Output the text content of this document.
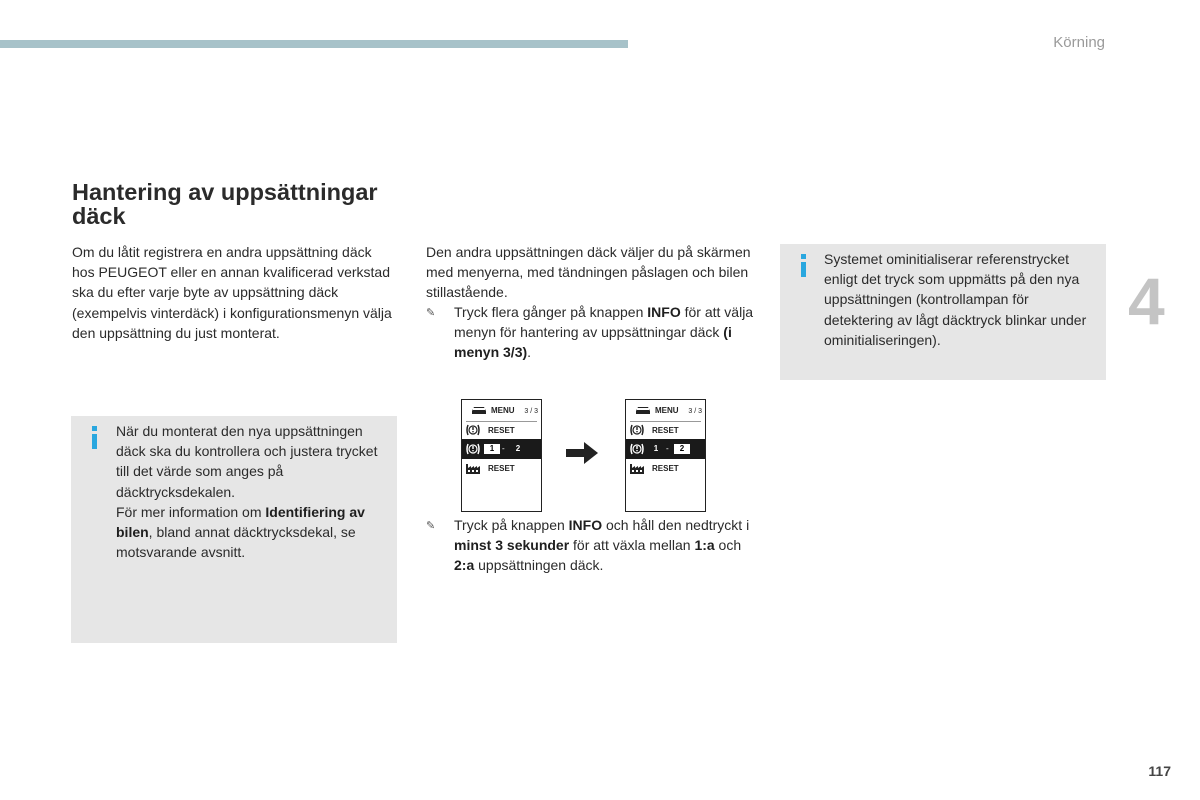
Körning
4
Hantering av uppsättningar däck

Om du låtit registrera en andra uppsättning däck hos PEUGEOT eller en annan kvalificerad verkstad ska du efter varje byte av uppsättning däck (exempelvis vinterdäck) i konfigurationsmenyn välja den uppsättning du just monterat.

När du monterat den nya uppsättningen däck ska du kontrollera och justera trycket till det värde som anges på däcktrycksdekalen.
För mer information om Identifiering av bilen, bland annat däcktrycksdekal, se motsvarande avsnitt.

Den andra uppsättningen däck väljer du på skärmen med menyerna, med tändningen påslagen och bilen stillastående.

✎ Tryck flera gånger på knappen INFO för att välja menyn för hantering av uppsättningar däck (i menyn 3/3).
MENU 3 / 3
RESET
1 -	2
RESET
MENU 3 / 3
RESET
1 -	2
RESET
✎ Tryck på knappen INFO och håll den nedtryckt i minst 3 sekunder för att växla mellan 1:a och 2:a uppsättningen däck.
Systemet ominitialiserar referenstrycket enligt det tryck som uppmätts på den nya uppsättningen (kontrollampan för detektering av lågt däcktryck blinkar under ominitialiseringen).
117
